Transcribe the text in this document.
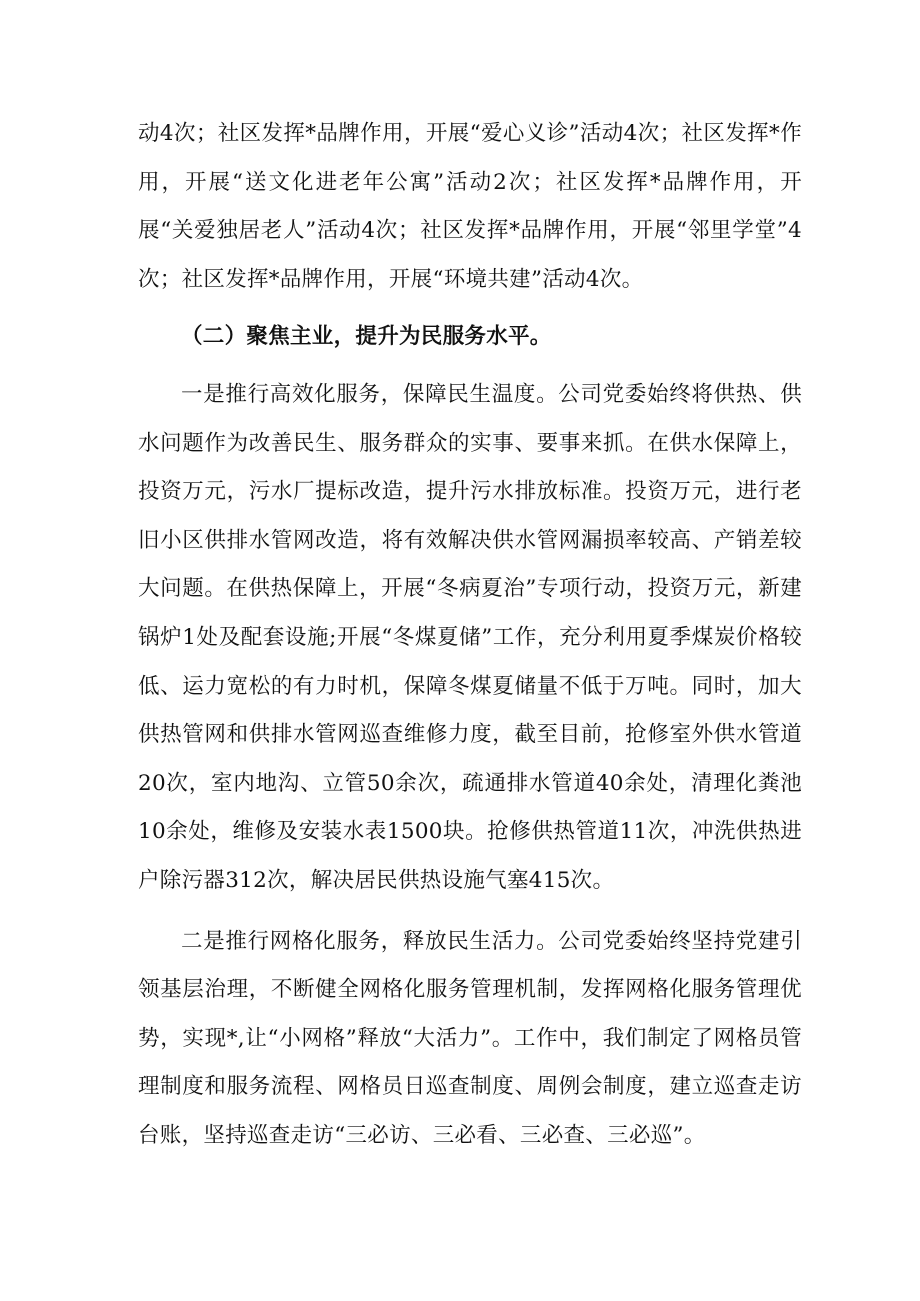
动4次；社区发挥*品牌作用，开展“爱心义诊”活动4次；社区发挥*作用，开展“送文化进老年公寓”活动2次；社区发挥*品牌作用，开展“关爱独居老人”活动4次；社区发挥*品牌作用，开展“邻里学堂”4次；社区发挥*品牌作用，开展“环境共建”活动4次。

（二）聚焦主业，提升为民服务水平。

一是推行高效化服务，保障民生温度。公司党委始终将供热、供水问题作为改善民生、服务群众的实事、要事来抓。在供水保障上，投资万元，污水厂提标改造，提升污水排放标准。投资万元，进行老旧小区供排水管网改造，将有效解决供水管网漏损率较高、产销差较大问题。在供热保障上，开展“冬病夏治”专项行动，投资万元，新建锅炉1处及配套设施;开展“冬煤夏储”工作，充分利用夏季煤炭价格较低、运力宽松的有力时机，保障冬煤夏储量不低于万吨。同时，加大供热管网和供排水管网巡查维修力度，截至目前，抢修室外供水管道20次，室内地沟、立管50余次，疏通排水管道40余处，清理化粪池10余处，维修及安装水表1500块。抢修供热管道11次，冲洗供热进户除污器312次，解决居民供热设施气塞415次。

二是推行网格化服务，释放民生活力。公司党委始终坚持党建引领基层治理，不断健全网格化服务管理机制，发挥网格化服务管理优势，实现*,让“小网格”释放“大活力”。工作中，我们制定了网格员管理制度和服务流程、网格员日巡查制度、周例会制度，建立巡查走访台账，坚持巡查走访“三必访、三必看、三必查、三必巡”。
